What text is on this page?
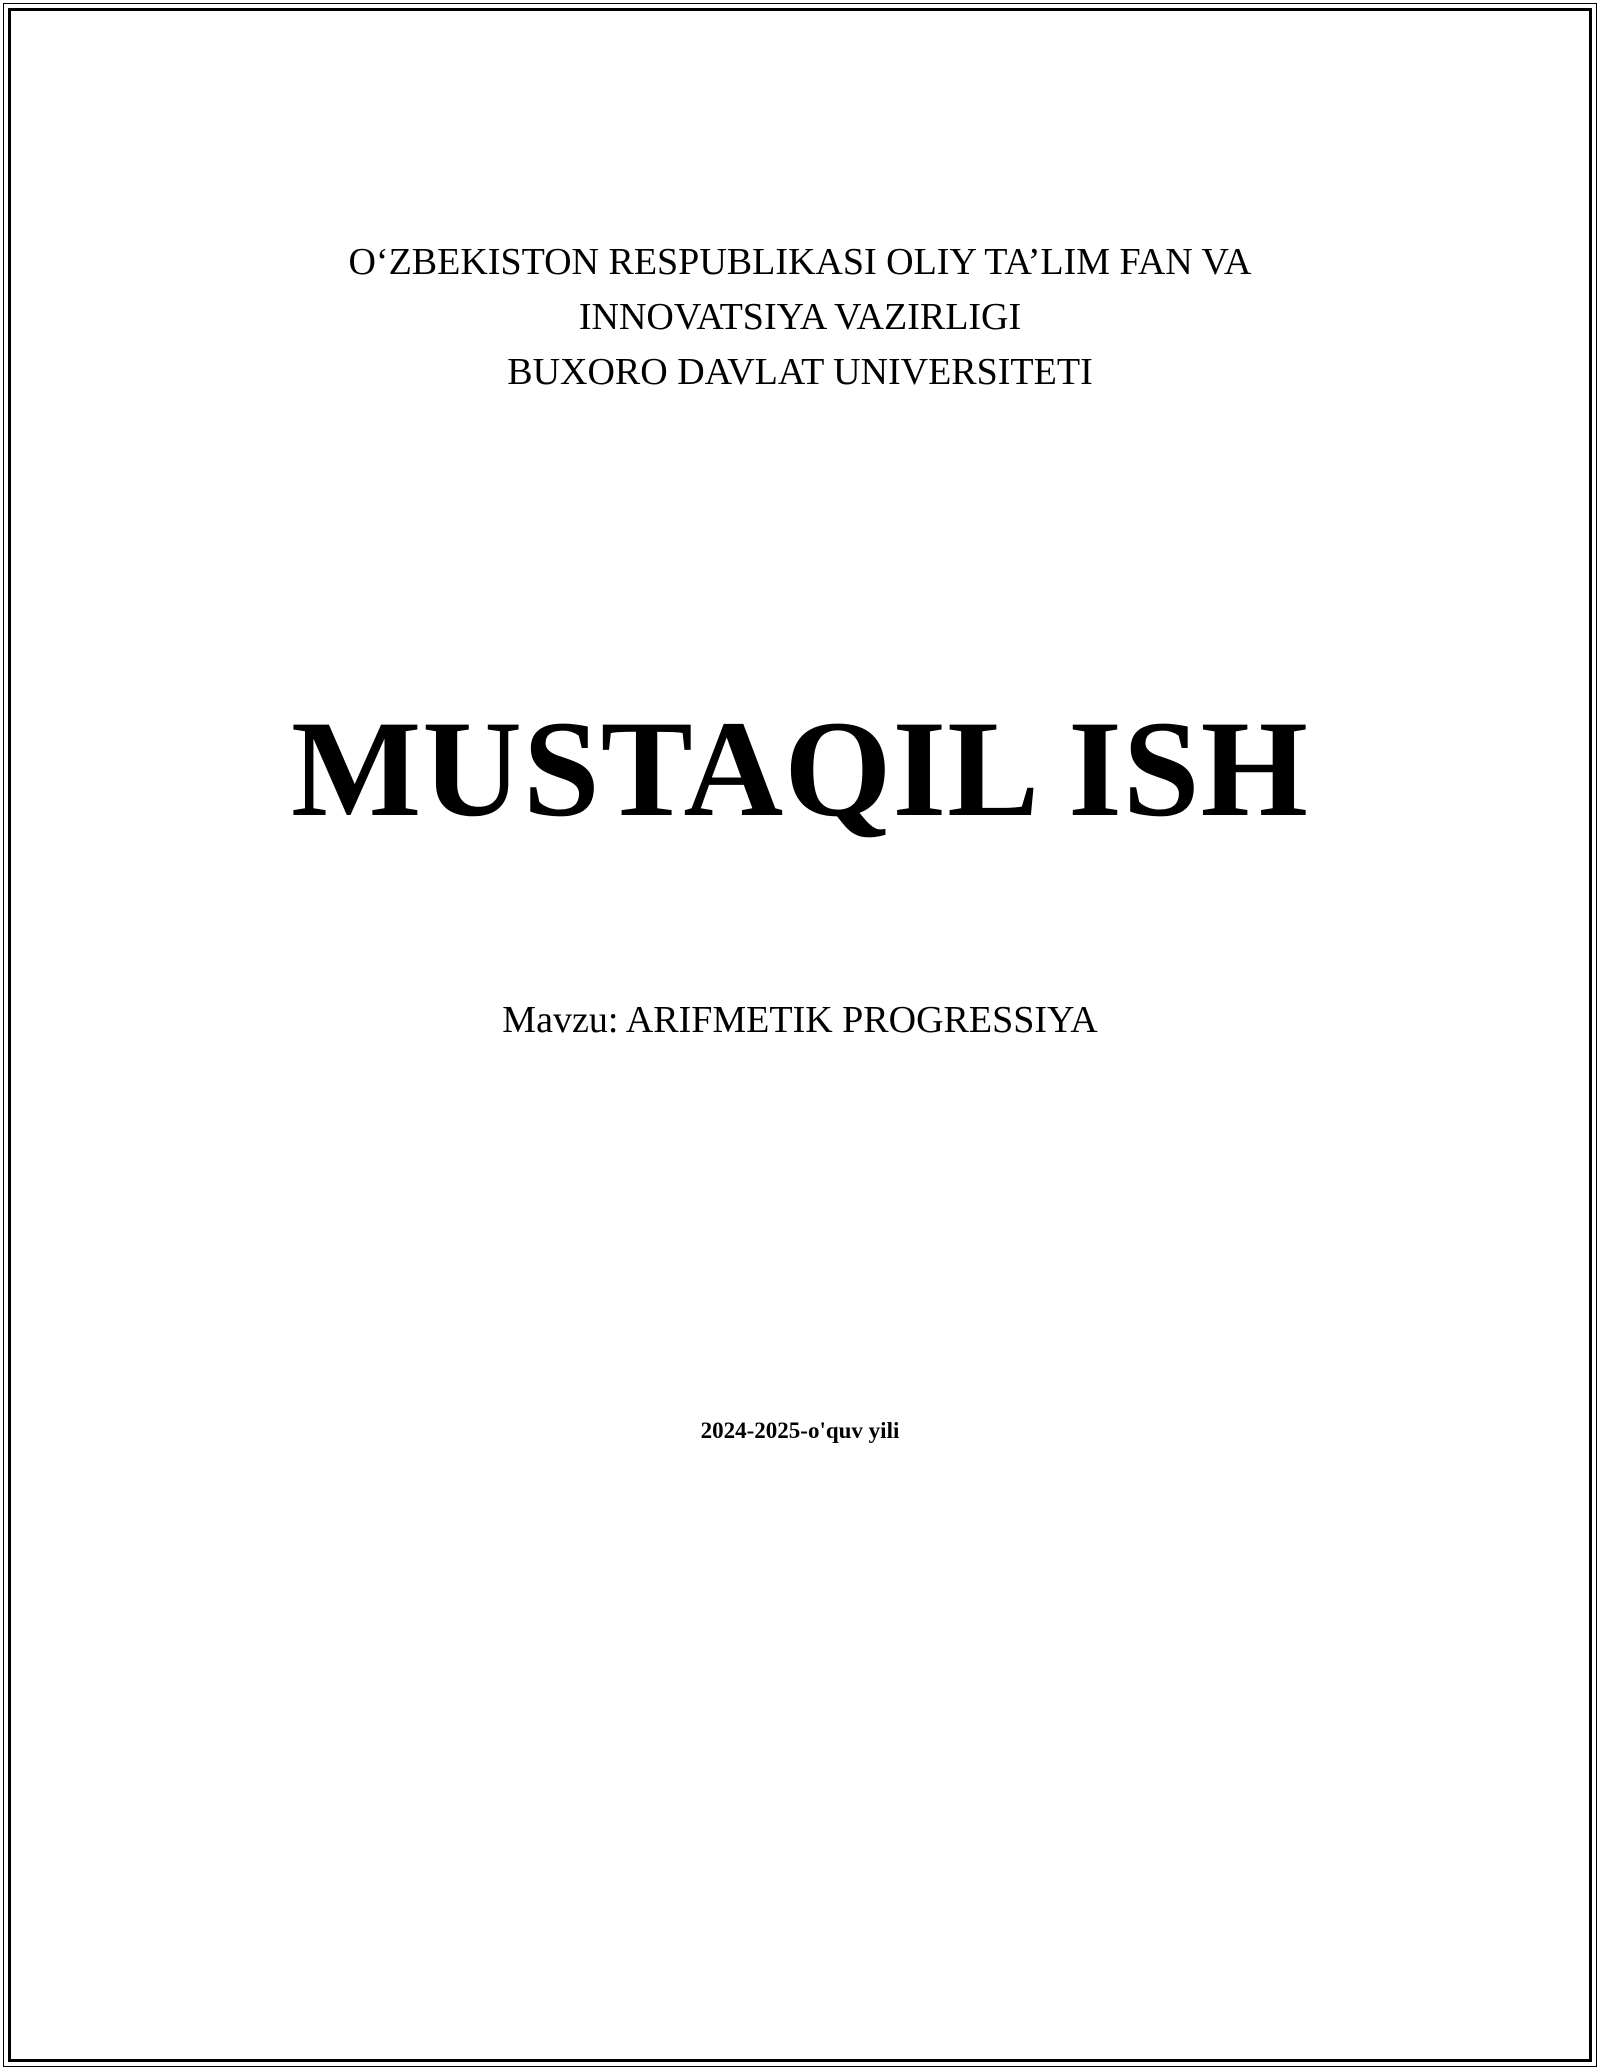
O‘ZBEKISTON RESPUBLIKASI OLIY TA’LIM FAN VA
INNOVATSIYA VAZIRLIGI
BUXORO DAVLAT UNIVERSITETI
MUSTAQIL ISH
Mavzu: ARIFMETIK PROGRESSIYA
2024-2025-o'quv yili
